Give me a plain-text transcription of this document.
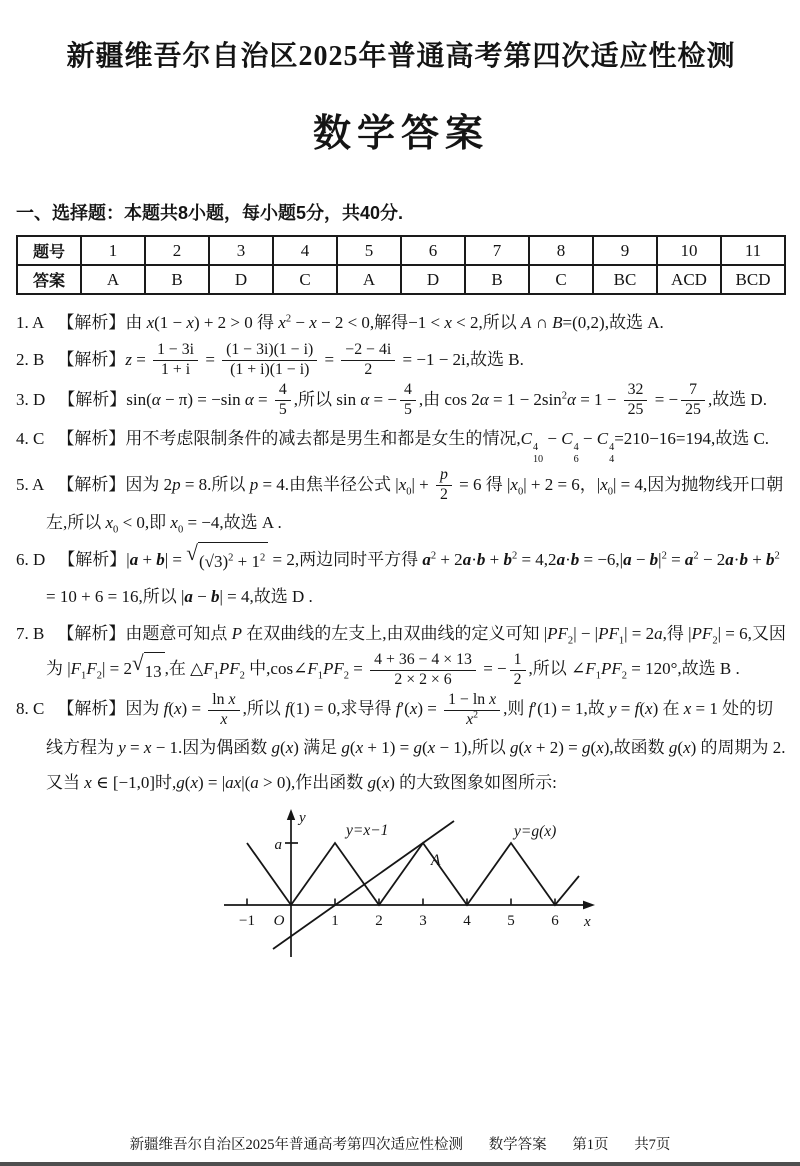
新疆维吾尔自治区2025年普通高考第四次适应性检测
数学答案
一、选择题：本题共8小题，每小题5分，共40分.
题号	1	2	3	4	5	6	7	8	9	10	11
答案	A	B	D	C	A	D	B	C	BC	ACD	BCD
1. A 【解析】由 x(1 − x) + 2 > 0 得 $x^2 - x - 2 < 0$,解得−1 < x < 2,所以 A ∩ B=(0,2),故选 A.
2. B 【解析】$z = \frac{1 - 3i}{1 + i} = \frac{(1 - 3i)(1 - i)}{(1 + i)(1 - i)} = \frac{-2 - 4i}{2} = -1 - 2i$,故选 B.
3. D 【解析】sin(α − π) = −sin $\alpha = \frac{4}{5}$ ,所以 sin α = − $\frac{4}{5}$ ,由 $\cos 2\alpha = 1 - 2\sin^2\alpha = 1 - \frac{32}{25}$ = − $\frac{7}{25}$ ,故选 D.
4. C 【解析】用不考虑限制条件的减去都是男生和都是女生的情况,C 4
10
− C 4
6
− C 4
4
=210−16=194,故选 C.
5. A 【解析】因为 2p = 8.所以 p = 4.由焦半径公式 $|x_0| + \frac{p}{2} = 6$ 得 $|x_0| + 2 = 6$，$|x_0| = 4$,因为抛物线开口朝左,所以 $x_0 < 0$,即 $x_0 = -4$,故选 A .
6. D 【解析】|a + b| = √ $(√3)^2 + 1^2 = 2$,两边同时平方得 $a^2 + 2a\cdot b + b^2 = 4,2a\cdot b = -6,|a - b|^2 = a^2 - 2a\cdot b + b^2 = 10 + 6 = 16$,所以 |a − b| = 4,故选 D .
7. B 【解析】由题意可知点 P 在双曲线的左支上,由双曲线的定义可知 $|PF_2| - |PF_1| = 2a$,得 $|PF_2| = 6$,又因为 $|F_1F_2| = 2$ √ 13 ,在 $\triangle F_1PF_2$ 中$,\cos\angle F_1PF_2 = \frac{4 + 36 - 4 \times 13}{2 \times 2 \times 6}$ = − $\frac{1}{2}$ ,所以 $\angle F_1PF_2 = 120^\circ$,故选 B .
8. C 【解析】因为 $f(x) = \frac{\text{ln x}}{x}$ ,所以 f(1) = 0,求导得 $f'(x) = \frac{\text{1 − ln x}}{x^2}$ ,则 f′(1) = 1,故 y = f(x) 在 x = 1 处的切线方程为 y = x − 1.因为偶函数 g(x) 满足 g(x + 1) = g(x − 1),所以 g(x + 2) = g(x),故函数 g(x) 的周期为 2.又当 x ∈ [−1,0]时,g(x) = |ax|(a > 0),作出函数 g(x) 的大致图象如图所示:
−1	1 2 3 4 5 6
y
x
O
a
y=x−1
A
y=g(x)
新疆维吾尔自治区2025年普通高考第四次适应性检测 数学答案 第1页 共7页
